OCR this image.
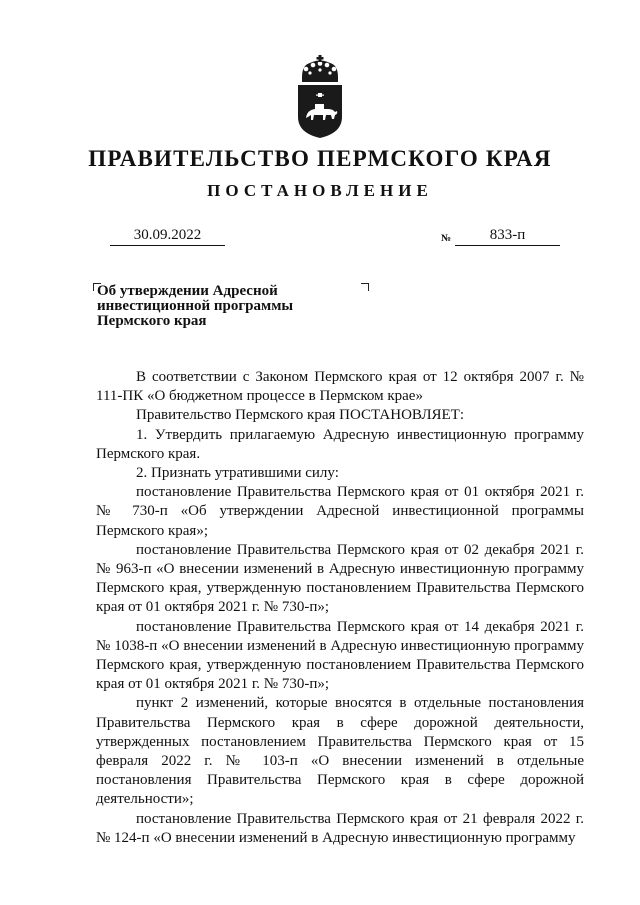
ПРАВИТЕЛЬСТВО ПЕРМСКОГО КРАЯ
ПОСТАНОВЛЕНИЕ
30.09.2022	№	833-п
Об утверждении Адресной
инвестиционной программы
Пермского края

В соответствии с Законом Пермского края от 12 октября 2007 г. № 111-ПК «О бюджетном процессе в Пермском крае»

Правительство Пермского края ПОСТАНОВЛЯЕТ:

1. Утвердить прилагаемую Адресную инвестиционную программу Пермского края.

2. Признать утратившими силу:

постановление Правительства Пермского края от 01 октября 2021 г. № 730-п «Об утверждении Адресной инвестиционной программы Пермского края»;

постановление Правительства Пермского края от 02 декабря 2021 г. № 963-п «О внесении изменений в Адресную инвестиционную программу Пермского края, утвержденную постановлением Правительства Пермского края от 01 октября 2021 г. № 730-п»;

постановление Правительства Пермского края от 14 декабря 2021 г. № 1038-п «О внесении изменений в Адресную инвестиционную программу Пермского края, утвержденную постановлением Правительства Пермского края от 01 октября 2021 г. № 730-п»;

пункт 2 изменений, которые вносятся в отдельные постановления Правительства Пермского края в сфере дорожной деятельности, утвержденных постановлением Правительства Пермского края от 15 февраля 2022 г. № 103-п «О внесении изменений в отдельные постановления Правительства Пермского края в сфере дорожной деятельности»;

постановление Правительства Пермского края от 21 февраля 2022 г. № 124-п «О внесении изменений в Адресную инвестиционную программу
